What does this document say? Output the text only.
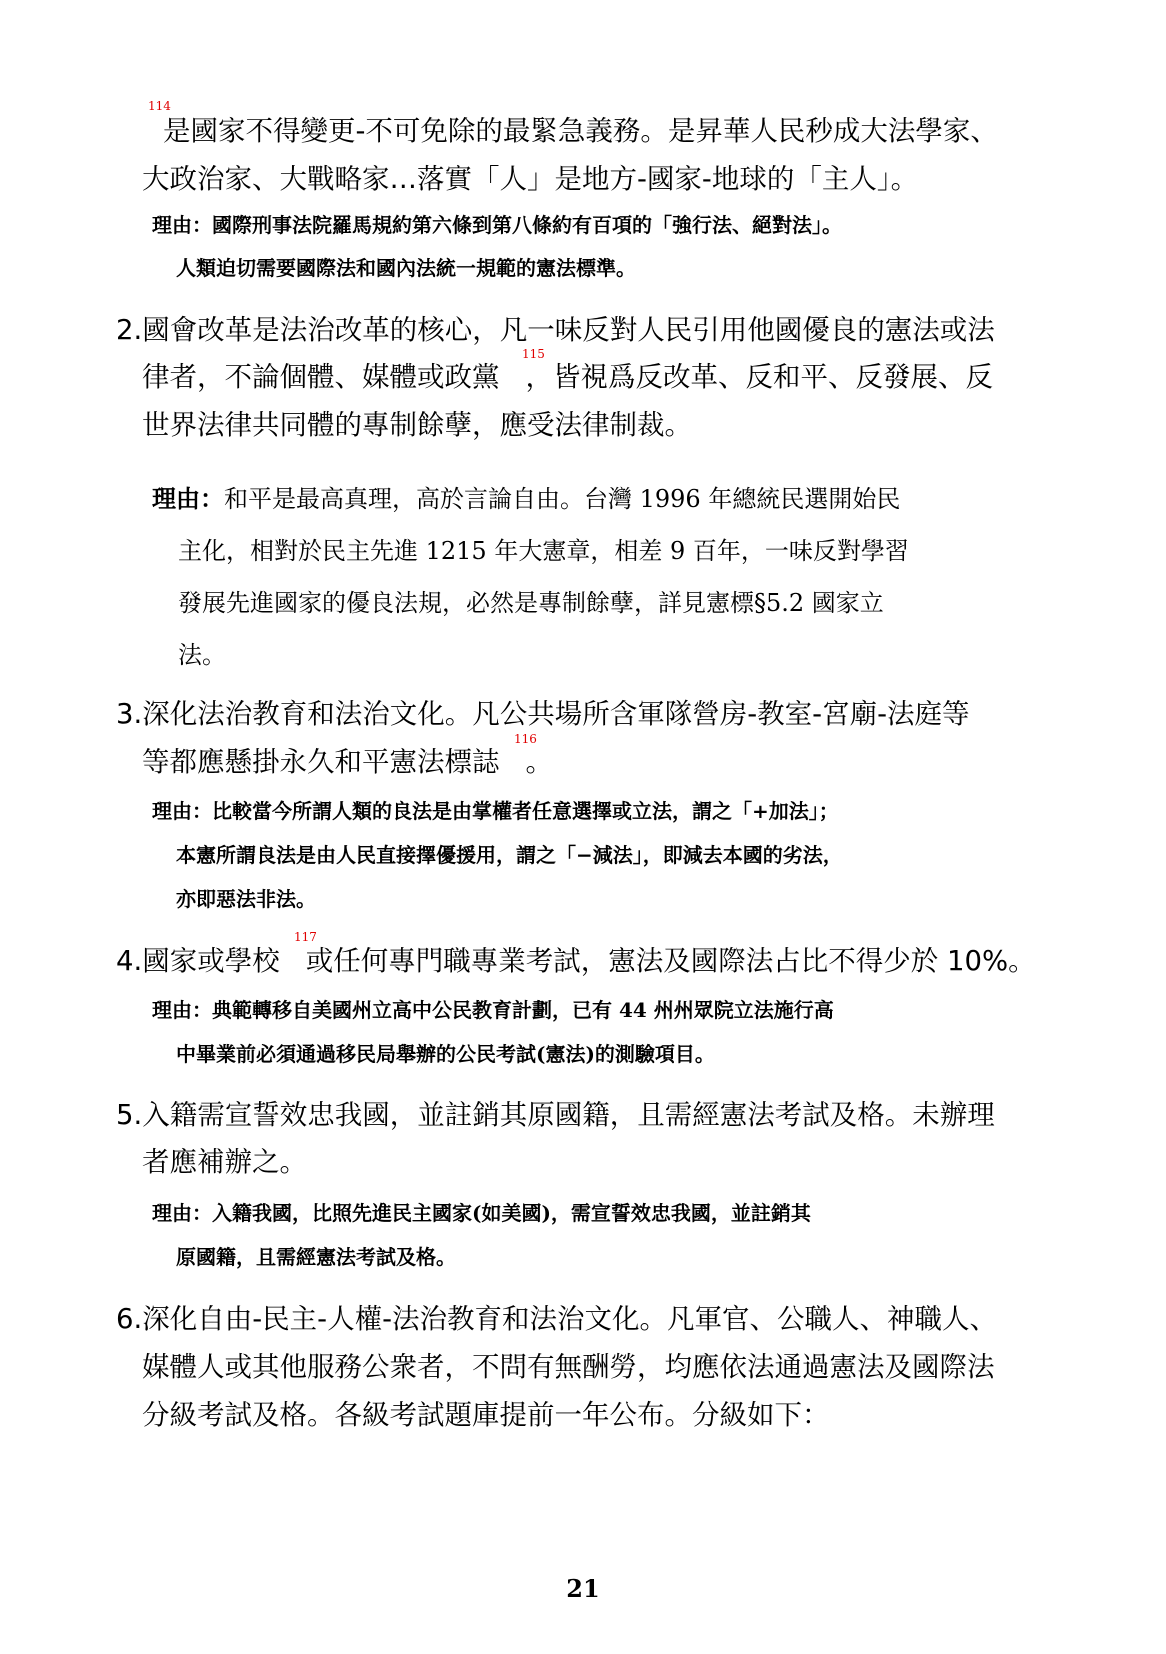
114
是國家不得變更-不可免除的最緊急義務。是昇華人民秒成大法學家、
大政治家、大戰略家…落實「人」是地方-國家-地球的「主人」。
理由：國際刑事法院羅馬規約第六條到第八條約有百項的「強行法、絕對法」。
人類迫切需要國際法和國內法統一規範的憲法標準。
2.國會改革是法治改革的核心，凡一味反對人民引用他國優良的憲法或法
律者，不論個體、媒體或政黨 ，皆視爲反改革、反和平、反發展、反
115
世界法律共同體的專制餘孽，應受法律制裁。
理由：和平是最高真理，高於言論自由。台灣 1996 年總統民選開始民
主化，相對於民主先進 1215 年大憲章，相差 9 百年，一味反對學習
發展先進國家的優良法規，必然是專制餘孽，詳見憲標§5.2 國家立
法。
3.深化法治教育和法治文化。凡公共場所含軍隊營房-教室-宮廟-法庭等
等都應懸掛永久和平憲法標誌 。
116
理由：比較當今所謂人類的良法是由掌權者任意選擇或立法，謂之「+加法」；
本憲所謂良法是由人民直接擇優援用，謂之「−減法」，即減去本國的劣法，
亦即惡法非法。
4.國家或學校 或任何專門職專業考試，憲法及國際法占比不得少於 10%。
117
理由：典範轉移自美國州立高中公民教育計劃，已有 44 州州眾院立法施行高
中畢業前必須通過移民局舉辦的公民考試(憲法)的測驗項目。
5.入籍需宣誓效忠我國，並註銷其原國籍，且需經憲法考試及格。未辦理
者應補辦之。
理由：入籍我國，比照先進民主國家(如美國)，需宣誓效忠我國，並註銷其
原國籍，且需經憲法考試及格。
6.深化自由-民主-人權-法治教育和法治文化。凡軍官、公職人、神職人、
媒體人或其他服務公衆者，不問有無酬勞，均應依法通過憲法及國際法
分級考試及格。各級考試題庫提前一年公布。分級如下：
21
